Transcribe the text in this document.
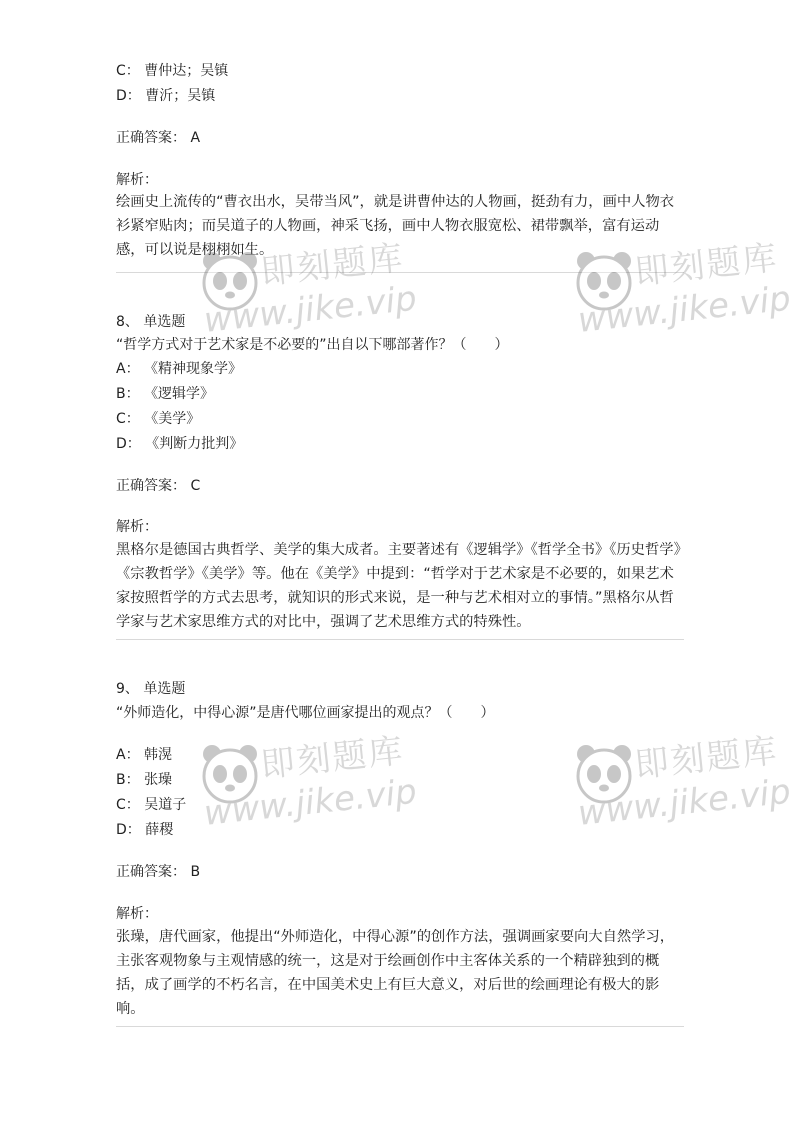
C： 曹仲达；吴镇
D： 曹沂；吴镇
正确答案： A
解析：
绘画史上流传的“曹衣出水，吴带当风”，就是讲曹仲达的人物画，挺劲有力，画中人物衣衫紧窄贴肉；而吴道子的人物画，神采飞扬，画中人物衣服宽松、裙带飘举，富有运动感，可以说是栩栩如生。
8、 单选题
“哲学方式对于艺术家是不必要的”出自以下哪部著作？（　　）
A： 《精神现象学》
B： 《逻辑学》
C： 《美学》
D： 《判断力批判》
正确答案： C
解析：
黑格尔是德国古典哲学、美学的集大成者。主要著述有《逻辑学》《哲学全书》《历史哲学》《宗教哲学》《美学》等。他在《美学》中提到：“哲学对于艺术家是不必要的，如果艺术家按照哲学的方式去思考，就知识的形式来说，是一种与艺术相对立的事情。”黑格尔从哲学家与艺术家思维方式的对比中，强调了艺术思维方式的特殊性。
9、 单选题
“外师造化，中得心源”是唐代哪位画家提出的观点？（　　）
A： 韩滉
B： 张璪
C： 吴道子
D： 薛稷
正确答案： B
解析：
张璪，唐代画家，他提出“外师造化，中得心源”的创作方法，强调画家要向大自然学习，主张客观物象与主观情感的统一，这是对于绘画创作中主客体关系的一个精辟独到的概括，成了画学的不朽名言，在中国美术史上有巨大意义，对后世的绘画理论有极大的影响。
即刻题库
www.jike.vip
即刻题库
www.jike.vip
即刻题库
www.jike.vip
即刻题库
www.jike.vip
